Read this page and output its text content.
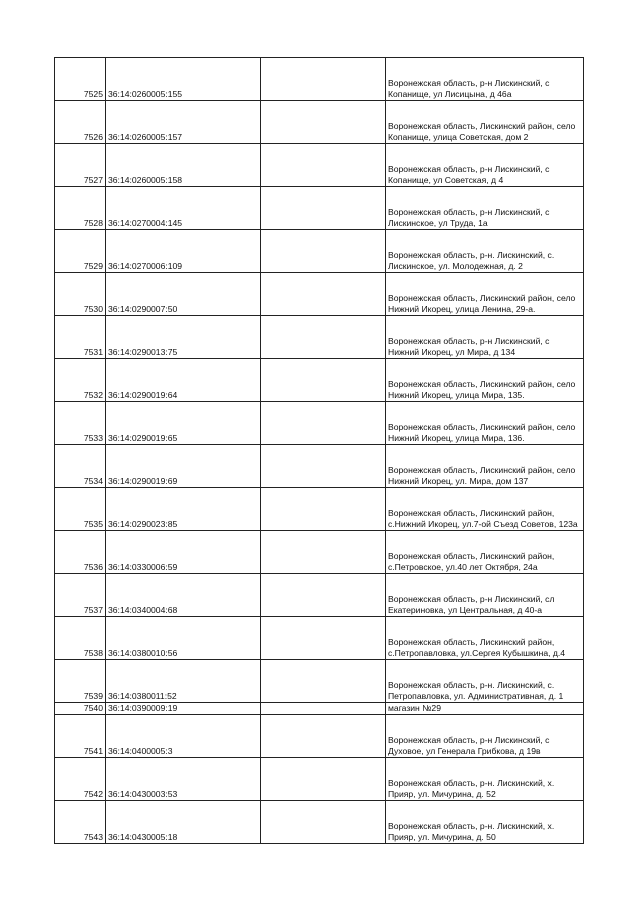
7525	36:14:0260005:155		Воронежская область, р-н Лискинский, с Копанище, ул Лисицына, д 46а
7526	36:14:0260005:157		Воронежская область, Лискинский район, село Копанище, улица Советская, дом 2
7527	36:14:0260005:158		Воронежская область, р-н Лискинский, с Копанище, ул Советская, д 4
7528	36:14:0270004:145		Воронежская область, р-н Лискинский, с Лискинское, ул Труда, 1а
7529	36:14:0270006:109		Воронежская область, р-н. Лискинский, с. Лискинское, ул. Молодежная, д. 2
7530	36:14:0290007:50		Воронежская область, Лискинский район, село Нижний Икорец, улица Ленина, 29-а.
7531	36:14:0290013:75		Воронежская область, р-н Лискинский, с Нижний Икорец, ул Мира, д 134
7532	36:14:0290019:64		Воронежская область, Лискинский район, село Нижний Икорец, улица Мира, 135.
7533	36:14:0290019:65		Воронежская область, Лискинский район, село Нижний Икорец, улица Мира, 136.
7534	36:14:0290019:69		Воронежская область, Лискинский район, село Нижний Икорец, ул. Мира, дом 137
7535	36:14:0290023:85		Воронежская область, Лискинский район, с.Нижний Икорец, ул.7-ой Съезд Советов, 123а
7536	36:14:0330006:59		Воронежская область, Лискинский район, с.Петровское, ул.40 лет Октября, 24а
7537	36:14:0340004:68		Воронежская область, р-н Лискинский, сл Екатериновка, ул Центральная, д 40-а
7538	36:14:0380010:56		Воронежская область, Лискинский район, с.Петропавловка, ул.Сергея Кубышкина, д.4
7539	36:14:0380011:52		Воронежская область, р-н. Лискинский, с. Петропавловка, ул. Административная, д. 1
7540	36:14:0390009:19		магазин №29
7541	36:14:0400005:3		Воронежская область, р-н Лискинский, с Духовое, ул Генерала Грибкова, д 19в
7542	36:14:0430003:53		Воронежская область, р-н. Лискинский, х. Прияр, ул. Мичурина, д. 52
7543	36:14:0430005:18		Воронежская область, р-н. Лискинский, х. Прияр, ул. Мичурина, д. 50
